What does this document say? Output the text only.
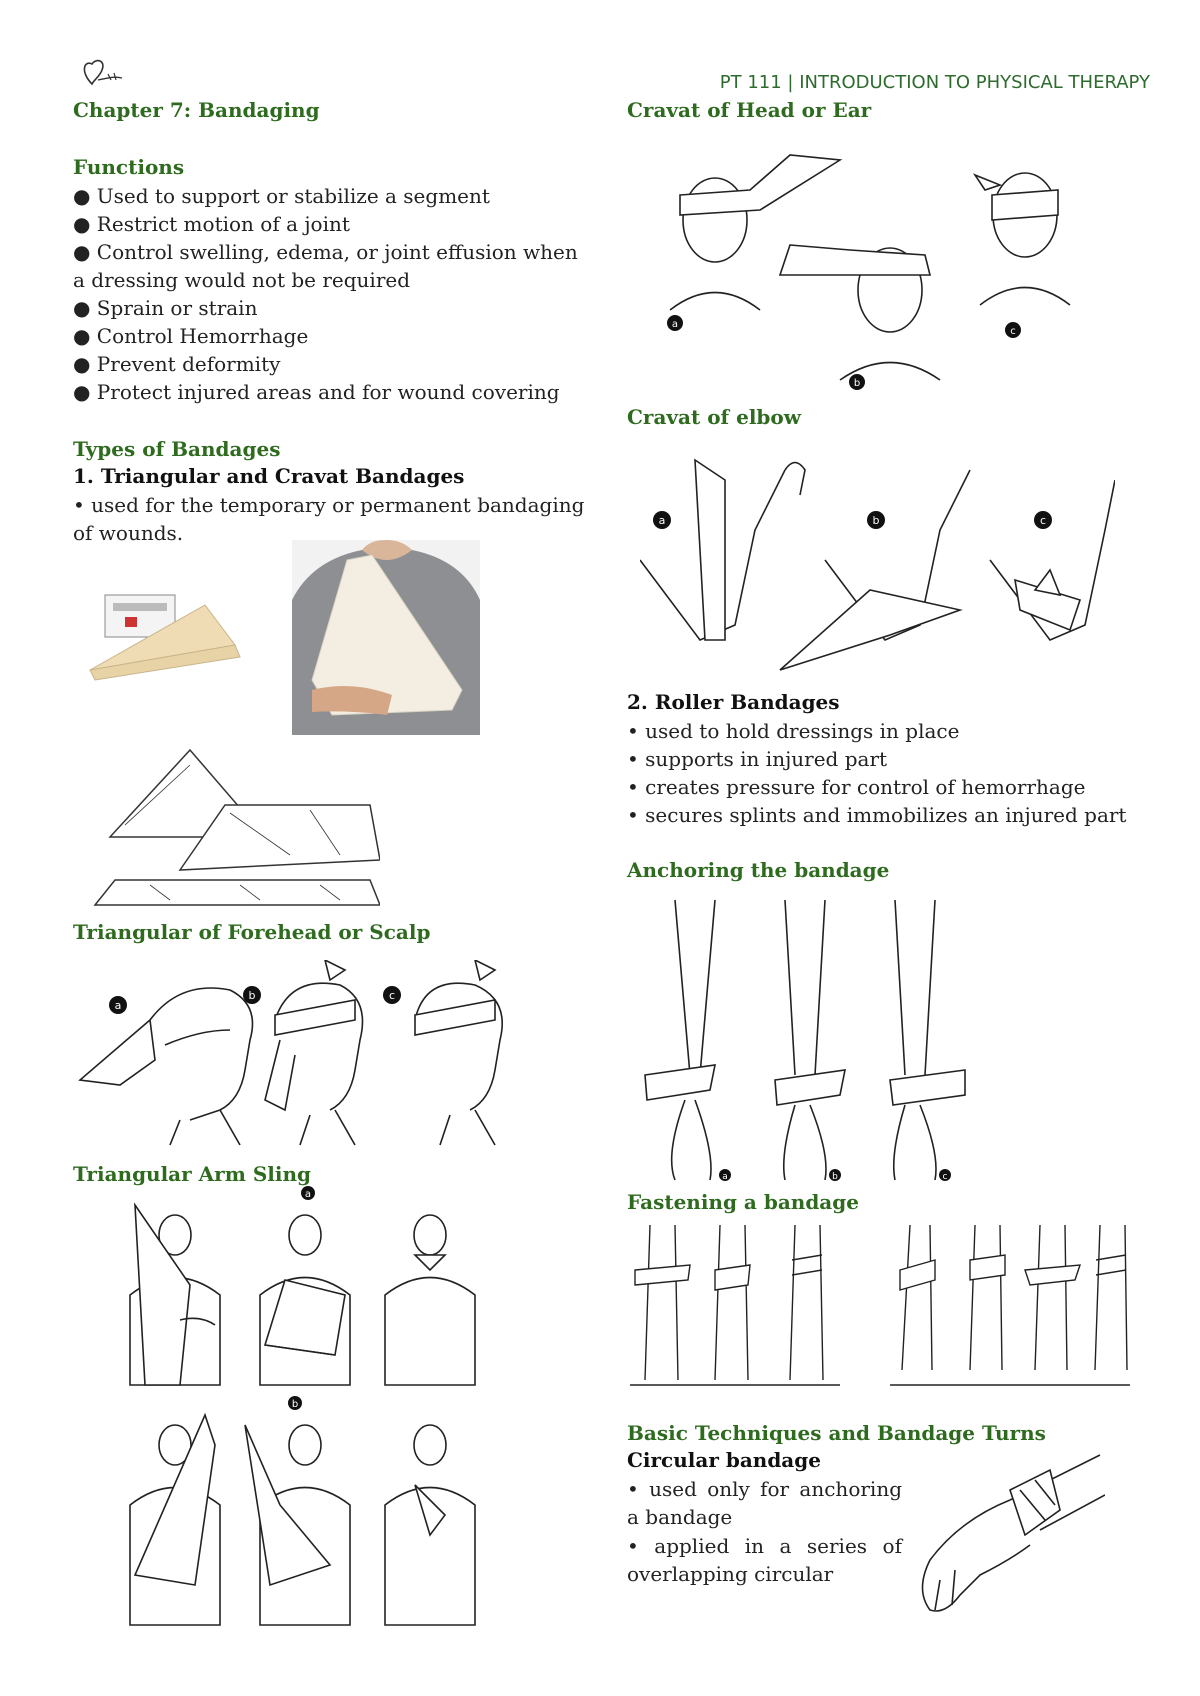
PT 111 | INTRODUCTION TO PHYSICAL THERAPY
Chapter 7: Bandaging
Functions
● Used to support or stabilize a segment
● Restrict motion of a joint
● Control swelling, edema, or joint effusion when a dressing would not be required
● Sprain or strain
● Control Hemorrhage
● Prevent deformity
● Protect injured areas and for wound covering
Types of Bandages
1. Triangular and Cravat Bandages
• used for the temporary or permanent bandaging of wounds.
Triangular of Forehead or Scalp
a
b	c
Triangular Arm Sling
a
b
Cravat of Head or Ear
a
b
c
Cravat of elbow
a	b	c
2. Roller Bandages
• used to hold dressings in place
• supports in injured part
• creates pressure for control of hemorrhage
• secures splints and immobilizes an injured part
Anchoring the bandage
a	b	c
Fastening a bandage
Basic Techniques and Bandage Turns
Circular bandage
• used only for anchoring a bandage
• applied in a series of overlapping circular
